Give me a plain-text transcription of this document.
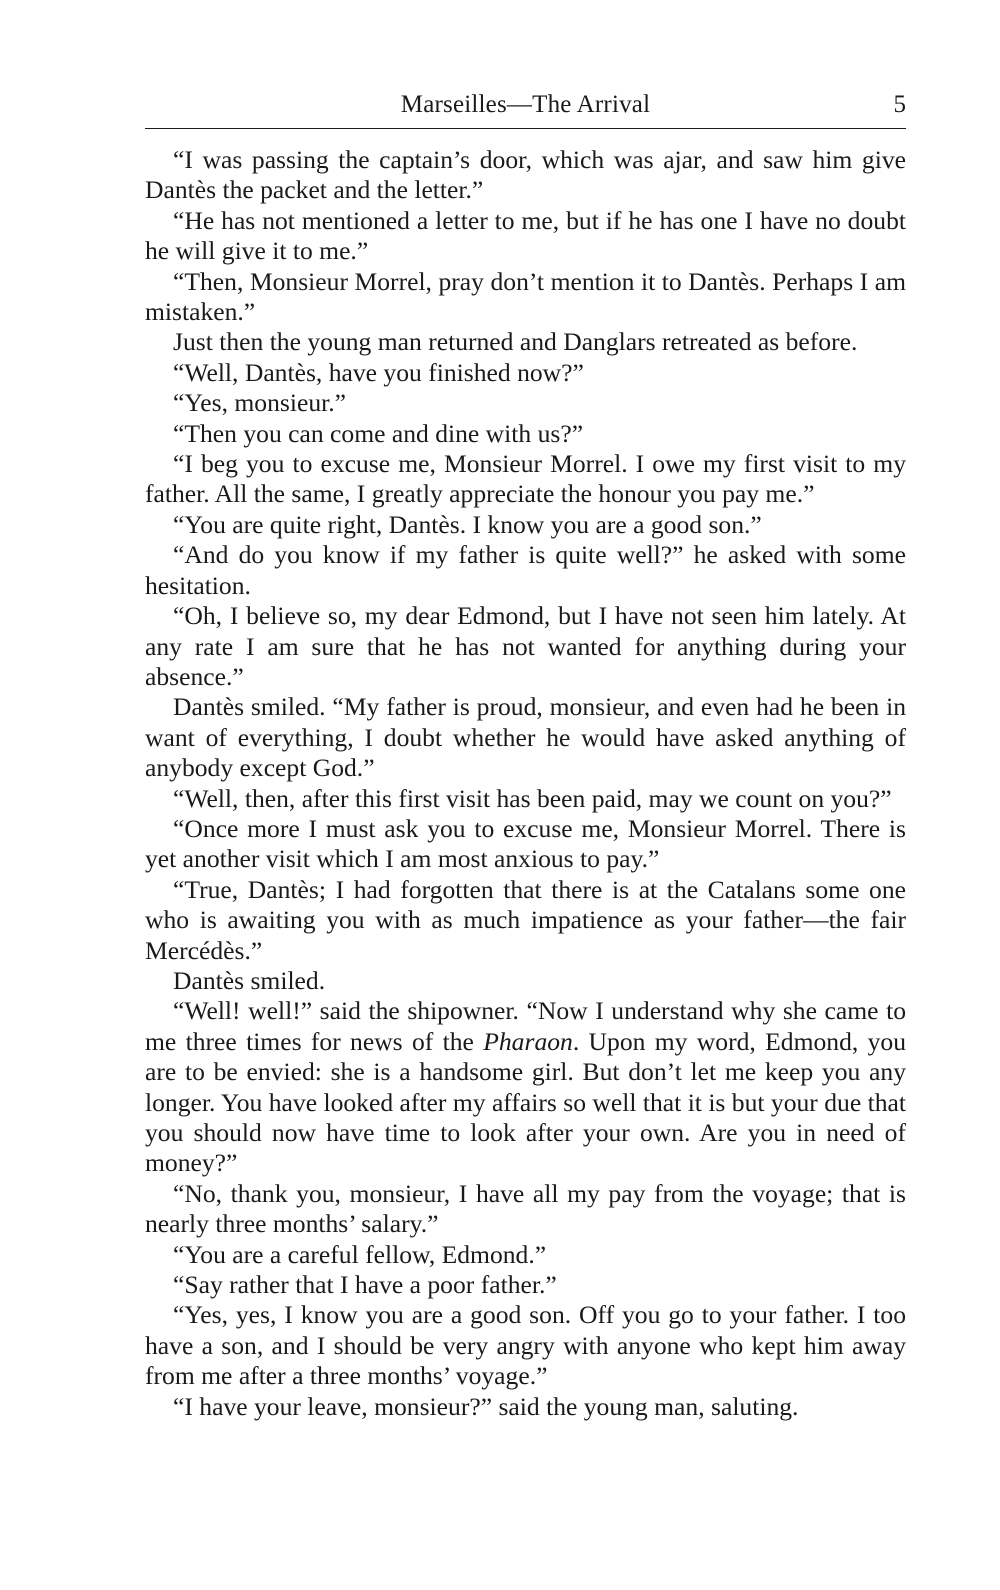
Marseilles—The Arrival	5

“I was passing the captain’s door, which was ajar, and saw him give Dantès the packet and the letter.”

“He has not mentioned a letter to me, but if he has one I have no doubt he will give it to me.”

“Then, Monsieur Morrel, pray don’t mention it to Dantès. Perhaps I am mistaken.”

Just then the young man returned and Danglars retreated as before.

“Well, Dantès, have you finished now?”

“Yes, monsieur.”

“Then you can come and dine with us?”

“I beg you to excuse me, Monsieur Morrel. I owe my first visit to my father. All the same, I greatly appreciate the honour you pay me.”

“You are quite right, Dantès. I know you are a good son.”

“And do you know if my father is quite well?” he asked with some hesitation.

“Oh, I believe so, my dear Edmond, but I have not seen him lately. At any rate I am sure that he has not wanted for anything during your absence.”

Dantès smiled. “My father is proud, monsieur, and even had he been in want of everything, I doubt whether he would have asked anything of anybody except God.”

“Well, then, after this first visit has been paid, may we count on you?”

“Once more I must ask you to excuse me, Monsieur Morrel. There is yet another visit which I am most anxious to pay.”

“True, Dantès; I had forgotten that there is at the Catalans some one who is awaiting you with as much impatience as your father—the fair Mercédès.”

Dantès smiled.

“Well! well!” said the shipowner. “Now I understand why she came to me three times for news of the Pharaon. Upon my word, Edmond, you are to be envied: she is a handsome girl. But don’t let me keep you any longer. You have looked after my affairs so well that it is but your due that you should now have time to look after your own. Are you in need of money?”

“No, thank you, monsieur, I have all my pay from the voyage; that is nearly three months’ salary.”

“You are a careful fellow, Edmond.”

“Say rather that I have a poor father.”

“Yes, yes, I know you are a good son. Off you go to your father. I too have a son, and I should be very angry with anyone who kept him away from me after a three months’ voyage.”

“I have your leave, monsieur?” said the young man, saluting.
